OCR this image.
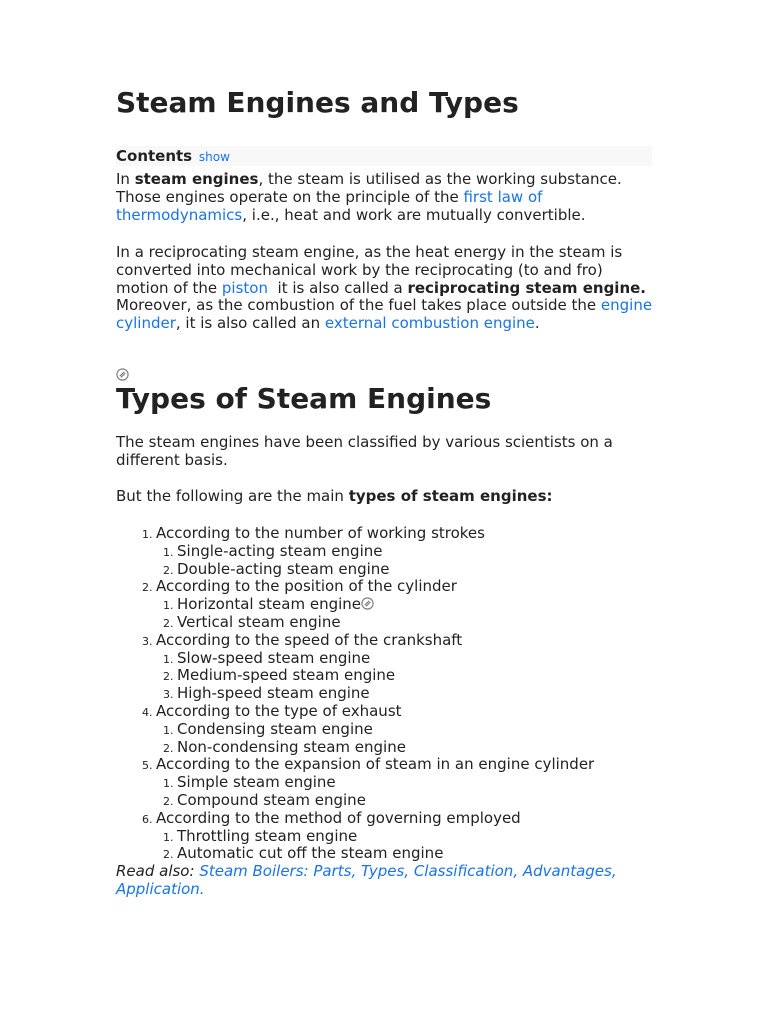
Steam Engines and Types
Contents show

In steam engines, the steam is utilised as the working substance. Those engines operate on the principle of the first law of thermodynamics, i.e., heat and work are mutually convertible.

In a reciprocating steam engine, as the heat energy in the steam is converted into mechanical work by the reciprocating (to and fro) motion of the piston  it is also called a reciprocating steam engine. Moreover, as the combustion of the fuel takes place outside the engine cylinder, it is also called an external combustion engine.

Types of Steam Engines

The steam engines have been classified by various scientists on a different basis.

But the following are the main types of steam engines:

1. According to the number of working strokes
1. Single-acting steam engine
2. Double-acting steam engine
2. According to the position of the cylinder
1. Horizontal steam engine
2. Vertical steam engine
3. According to the speed of the crankshaft
1. Slow-speed steam engine
2. Medium-speed steam engine
3. High-speed steam engine
4. According to the type of exhaust
1. Condensing steam engine
2. Non-condensing steam engine
5. According to the expansion of steam in an engine cylinder
1. Simple steam engine
2. Compound steam engine
6. According to the method of governing employed
1. Throttling steam engine
2. Automatic cut off the steam engine

Read also: Steam Boilers: Parts, Types, Classification, Advantages, Application.
